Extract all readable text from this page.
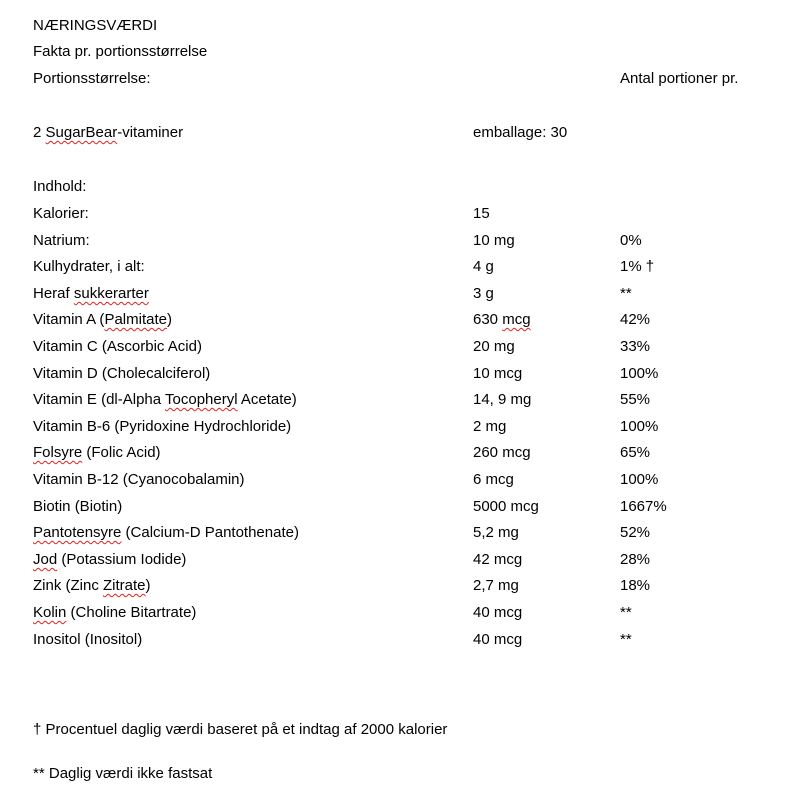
NÆRINGSVÆRDI
Fakta pr. portionsstørrelse
Portionsstørrelse:	Antal portioner pr.
2 SugarBear-vitaminer	emballage: 30
Indhold:
Kalorier:	15
Natrium:	10 mg	0%
Kulhydrater, i alt:	4 g	1% †
Heraf sukkerarter	3 g	**
Vitamin A (Palmitate)	630 mcg	42%
Vitamin C (Ascorbic Acid)	20 mg	33%
Vitamin D (Cholecalciferol)	10 mcg	100%
Vitamin E (dl-Alpha Tocopheryl Acetate)	14, 9 mg	55%
Vitamin B-6 (Pyridoxine Hydrochloride)	2 mg	100%
Folsyre (Folic Acid)	260 mcg	65%
Vitamin B-12 (Cyanocobalamin)	6 mcg	100%
Biotin (Biotin)	5000 mcg	1667%
Pantotensyre (Calcium-D Pantothenate)	5,2 mg	52%
Jod (Potassium Iodide)	42 mcg	28%
Zink (Zinc Zitrate)	2,7 mg	18%
Kolin (Choline Bitartrate)	40 mcg	**
Inositol (Inositol)	40 mcg	**
† Procentuel daglig værdi baseret på et indtag af 2000 kalorier
** Daglig værdi ikke fastsat
